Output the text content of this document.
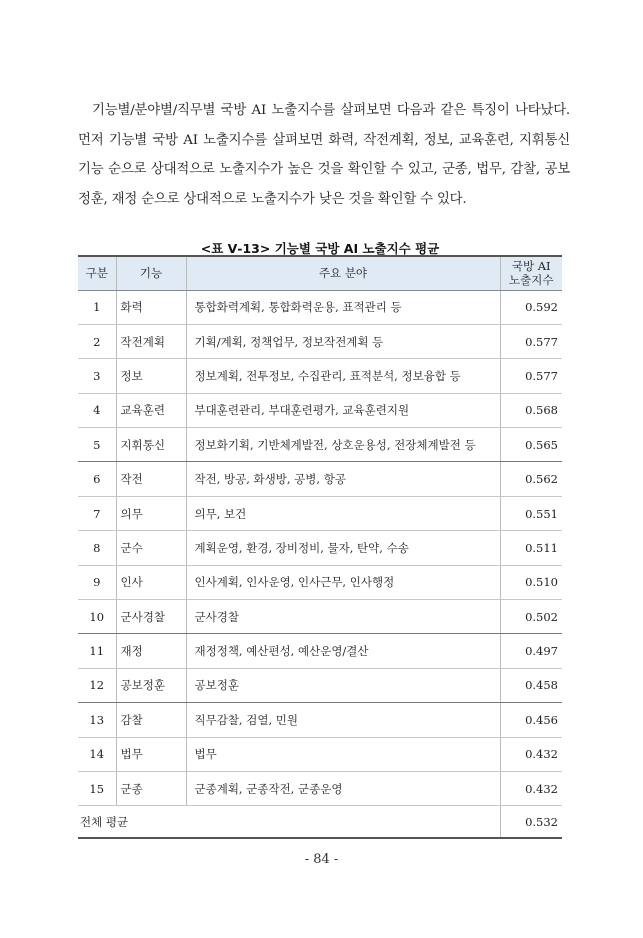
기능별/분야별/직무별 국방 AI 노출지수를 살펴보면 다음과 같은 특징이 나타났다. 먼저 기능별 국방 AI 노출지수를 살펴보면 화력, 작전계획, 정보, 교육훈련, 지휘통신 기능 순으로 상대적으로 노출지수가 높은 것을 확인할 수 있고, 군종, 법무, 감찰, 공보정훈, 재정 순으로 상대적으로 노출지수가 낮은 것을 확인할 수 있다.
<표 Ⅴ-13> 기능별 국방 AI 노출지수 평균
구분	기능	주요 분야	국방 AI
노출지수

1	화력	통합화력계획, 통합화력운용, 표적관리 등	0.592
2	작전계획	기획/계획, 정책업무, 정보작전계획 등	0.577
3	정보	정보계획, 전투정보, 수집관리, 표적분석, 정보융합 등	0.577
4	교육훈련	부대훈련관리, 부대훈련평가, 교육훈련지원	0.568
5	지휘통신	정보화기획, 기반체계발전, 상호운용성, 전장체계발전 등	0.565
6	작전	작전, 방공, 화생방, 공병, 항공	0.562
7	의무	의무, 보건	0.551
8	군수	계획운영, 환경, 장비정비, 물자, 탄약, 수송	0.511
9	인사	인사계획, 인사운영, 인사근무, 인사행정	0.510
10	군사경찰	군사경찰	0.502
11	재정	재정정책, 예산편성, 예산운영/결산	0.497
12	공보정훈	공보정훈	0.458
13	감찰	직무감찰, 검열, 민원	0.456
14	법무	법무	0.432
15	군종	군종계획, 군종작전, 군종운영	0.432
전체 평균			0.532
- 84 -
